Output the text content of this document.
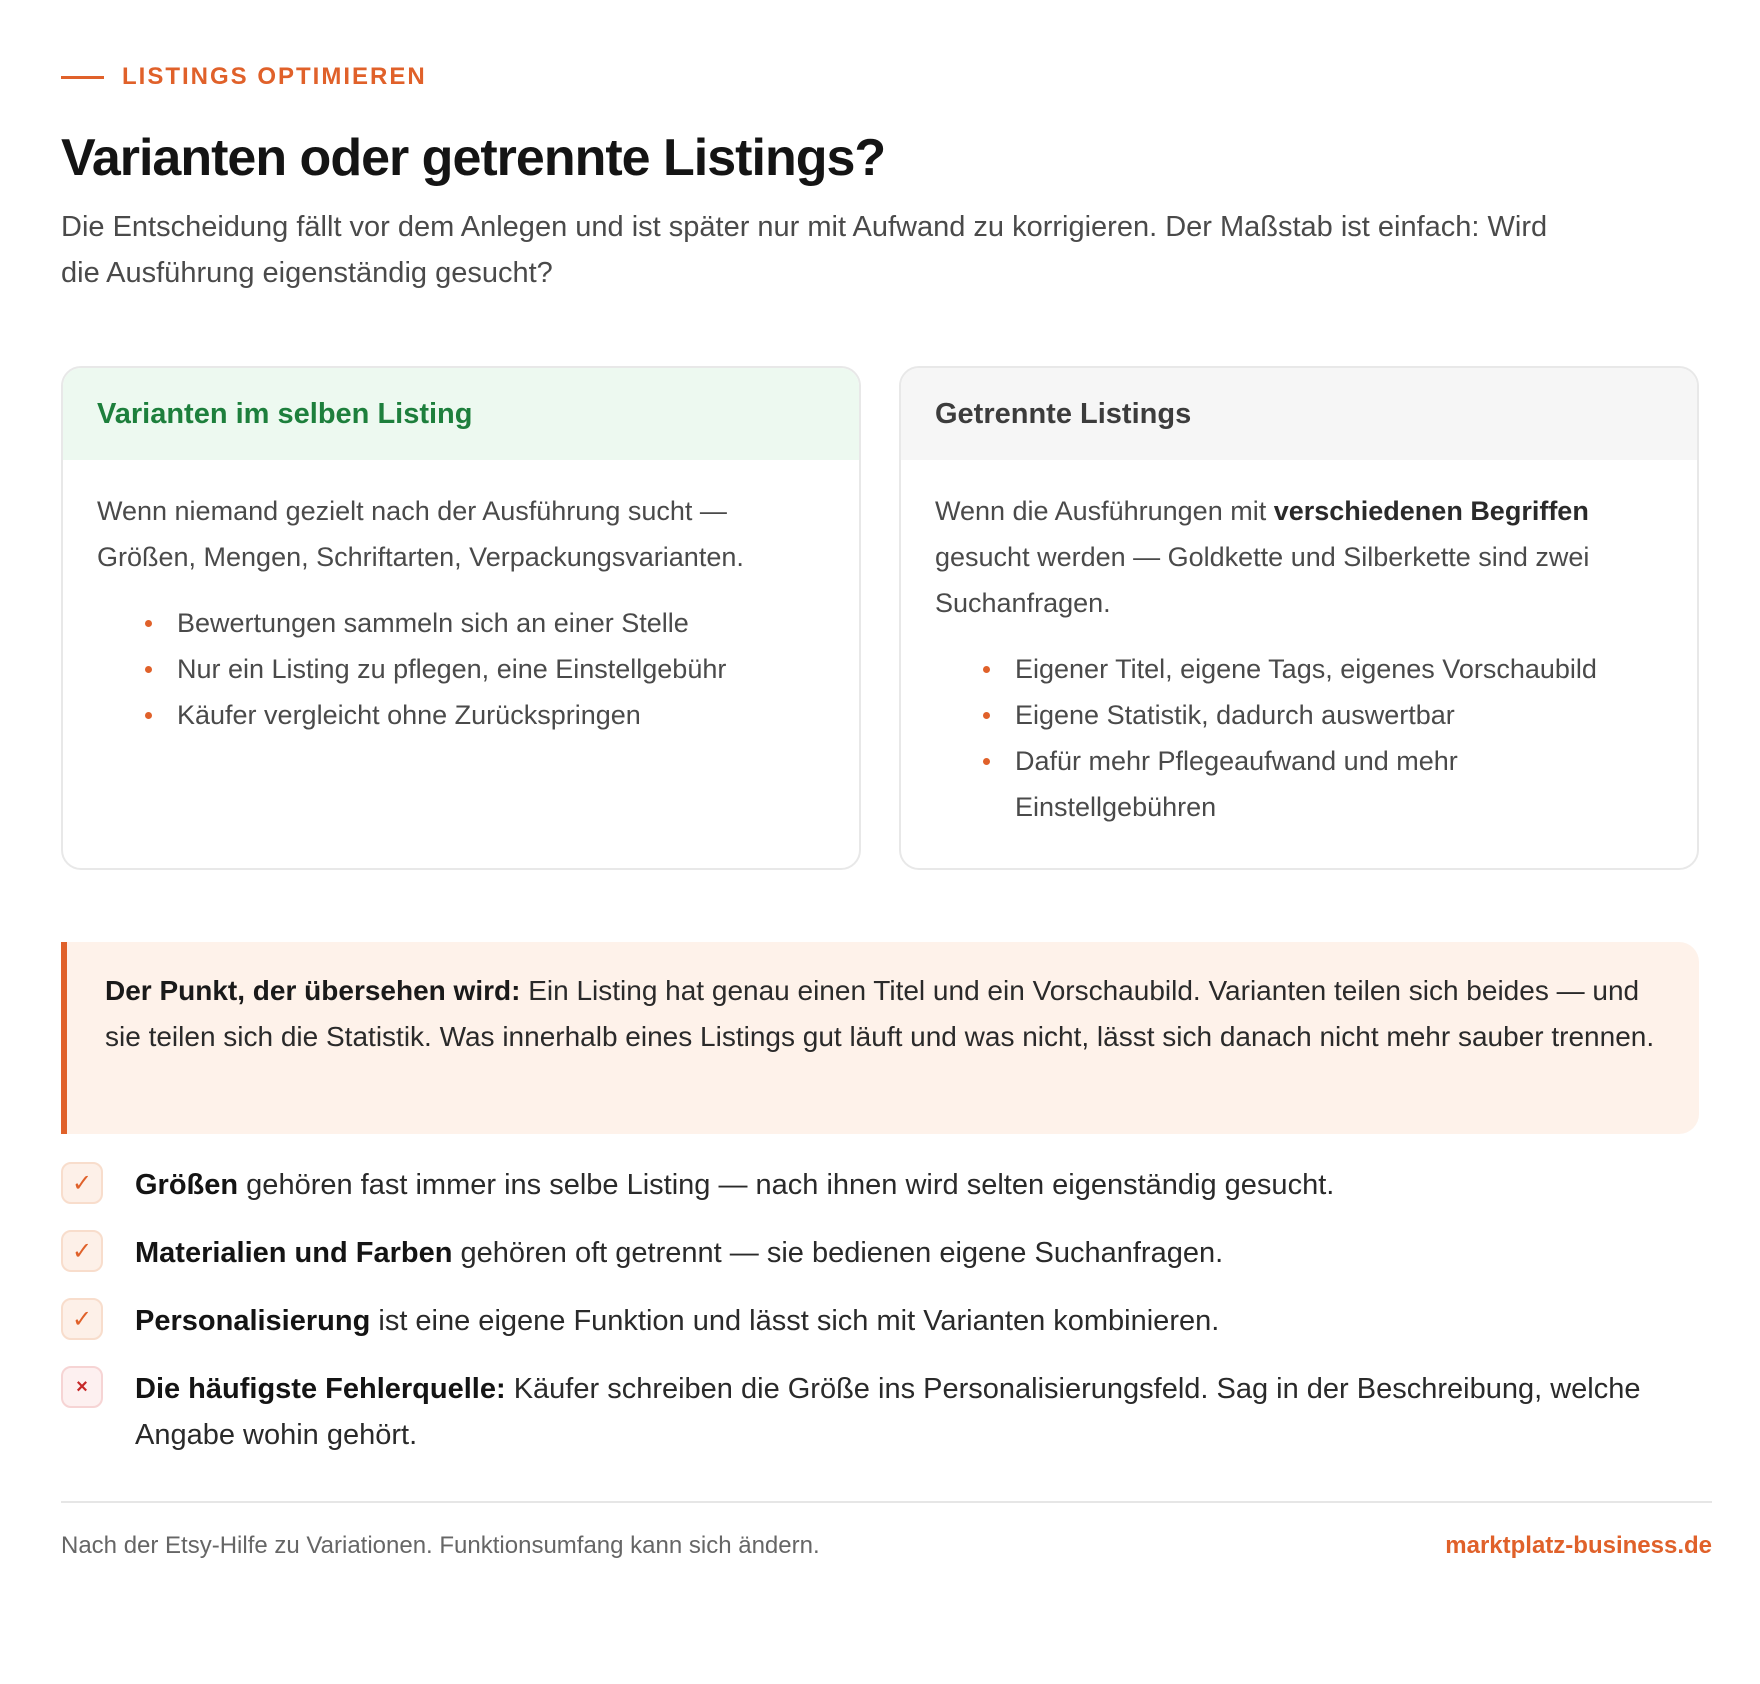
LISTINGS OPTIMIEREN
Varianten oder getrennte Listings?

Die Entscheidung fällt vor dem Anlegen und ist später nur mit Aufwand zu korrigieren. Der Maßstab ist einfach: Wird die Ausführung eigenständig gesucht?

Varianten im selben Listing

Wenn niemand gezielt nach der Ausführung sucht — Größen, Mengen, Schriftarten, Verpackungsvarianten.

Bewertungen sammeln sich an einer Stelle
Nur ein Listing zu pflegen, eine Einstellgebühr
Käufer vergleicht ohne Zurückspringen
Getrennte Listings

Wenn die Ausführungen mit verschiedenen Begriffen gesucht werden — Goldkette und Silberkette sind zwei Suchanfragen.

Eigener Titel, eigene Tags, eigenes Vorschaubild
Eigene Statistik, dadurch auswertbar
Dafür mehr Pflegeaufwand und mehr Einstellgebühren

Der Punkt, der übersehen wird: Ein Listing hat genau einen Titel und ein Vorschaubild. Varianten teilen sich beides — und sie teilen sich die Statistik. Was innerhalb eines Listings gut läuft und was nicht, lässt sich danach nicht mehr sauber trennen.

✓	Größen gehören fast immer ins selbe Listing — nach ihnen wird selten eigenständig gesucht.

✓	Materialien und Farben gehören oft getrennt — sie bedienen eigene Suchanfragen.

✓	Personalisierung ist eine eigene Funktion und lässt sich mit Varianten kombinieren.

×	Die häufigste Fehlerquelle: Käufer schreiben die Größe ins Personalisierungsfeld. Sag in der Beschreibung, welche Angabe wohin gehört.

Nach der Etsy-Hilfe zu Variationen. Funktionsumfang kann sich ändern.	marktplatz-business.de
